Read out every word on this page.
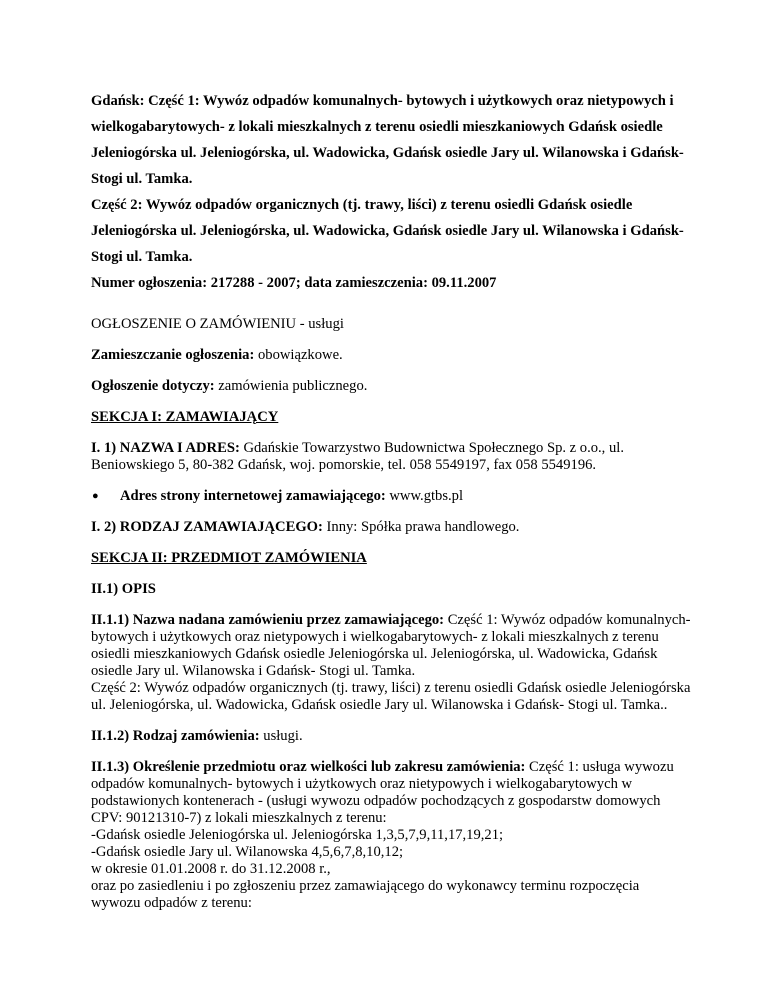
Gdańsk: Część 1: Wywóz odpadów komunalnych- bytowych i użytkowych oraz nietypowych i

wielkogabarytowych- z lokali mieszkalnych z terenu osiedli mieszkaniowych Gdańsk osiedle

Jeleniogórska ul. Jeleniogórska, ul. Wadowicka, Gdańsk osiedle Jary ul. Wilanowska i Gdańsk-

Stogi ul. Tamka.

Część 2: Wywóz odpadów organicznych (tj. trawy, liści) z terenu osiedli Gdańsk osiedle

Jeleniogórska ul. Jeleniogórska, ul. Wadowicka, Gdańsk osiedle Jary ul. Wilanowska i Gdańsk-

Stogi ul. Tamka.

Numer ogłoszenia: 217288 - 2007; data zamieszczenia: 09.11.2007

OGŁOSZENIE O ZAMÓWIENIU - usługi

Zamieszczanie ogłoszenia: obowiązkowe.

Ogłoszenie dotyczy: zamówienia publicznego.

SEKCJA I: ZAMAWIAJĄCY

I. 1) NAZWA I ADRES: Gdańskie Towarzystwo Budownictwa Społecznego Sp. z o.o., ul. Beniowskiego 5, 80-382 Gdańsk, woj. pomorskie, tel. 058 5549197, fax 058 5549196.

● Adres strony internetowej zamawiającego: www.gtbs.pl

I. 2) RODZAJ ZAMAWIAJĄCEGO: Inny: Spółka prawa handlowego.

SEKCJA II: PRZEDMIOT ZAMÓWIENIA

II.1) OPIS

II.1.1) Nazwa nadana zamówieniu przez zamawiającego: Część 1: Wywóz odpadów komunalnych- bytowych i użytkowych oraz nietypowych i wielkogabarytowych- z lokali mieszkalnych z terenu osiedli mieszkaniowych Gdańsk osiedle Jeleniogórska ul. Jeleniogórska, ul. Wadowicka, Gdańsk osiedle Jary ul. Wilanowska i Gdańsk- Stogi ul. Tamka.
Część 2: Wywóz odpadów organicznych (tj. trawy, liści) z terenu osiedli Gdańsk osiedle Jeleniogórska ul. Jeleniogórska, ul. Wadowicka, Gdańsk osiedle Jary ul. Wilanowska i Gdańsk- Stogi ul. Tamka..

II.1.2) Rodzaj zamówienia: usługi.

II.1.3) Określenie przedmiotu oraz wielkości lub zakresu zamówienia: Część 1: usługa wywozu odpadów komunalnych- bytowych i użytkowych oraz nietypowych i wielkogabarytowych w podstawionych kontenerach - (usługi wywozu odpadów pochodzących z gospodarstw domowych CPV: 90121310-7) z lokali mieszkalnych z terenu:
-Gdańsk osiedle Jeleniogórska ul. Jeleniogórska 1,3,5,7,9,11,17,19,21;
-Gdańsk osiedle Jary ul. Wilanowska 4,5,6,7,8,10,12;
w okresie 01.01.2008 r. do 31.12.2008 r.,
oraz po zasiedleniu i po zgłoszeniu przez zamawiającego do wykonawcy terminu rozpoczęcia wywozu odpadów z terenu:
